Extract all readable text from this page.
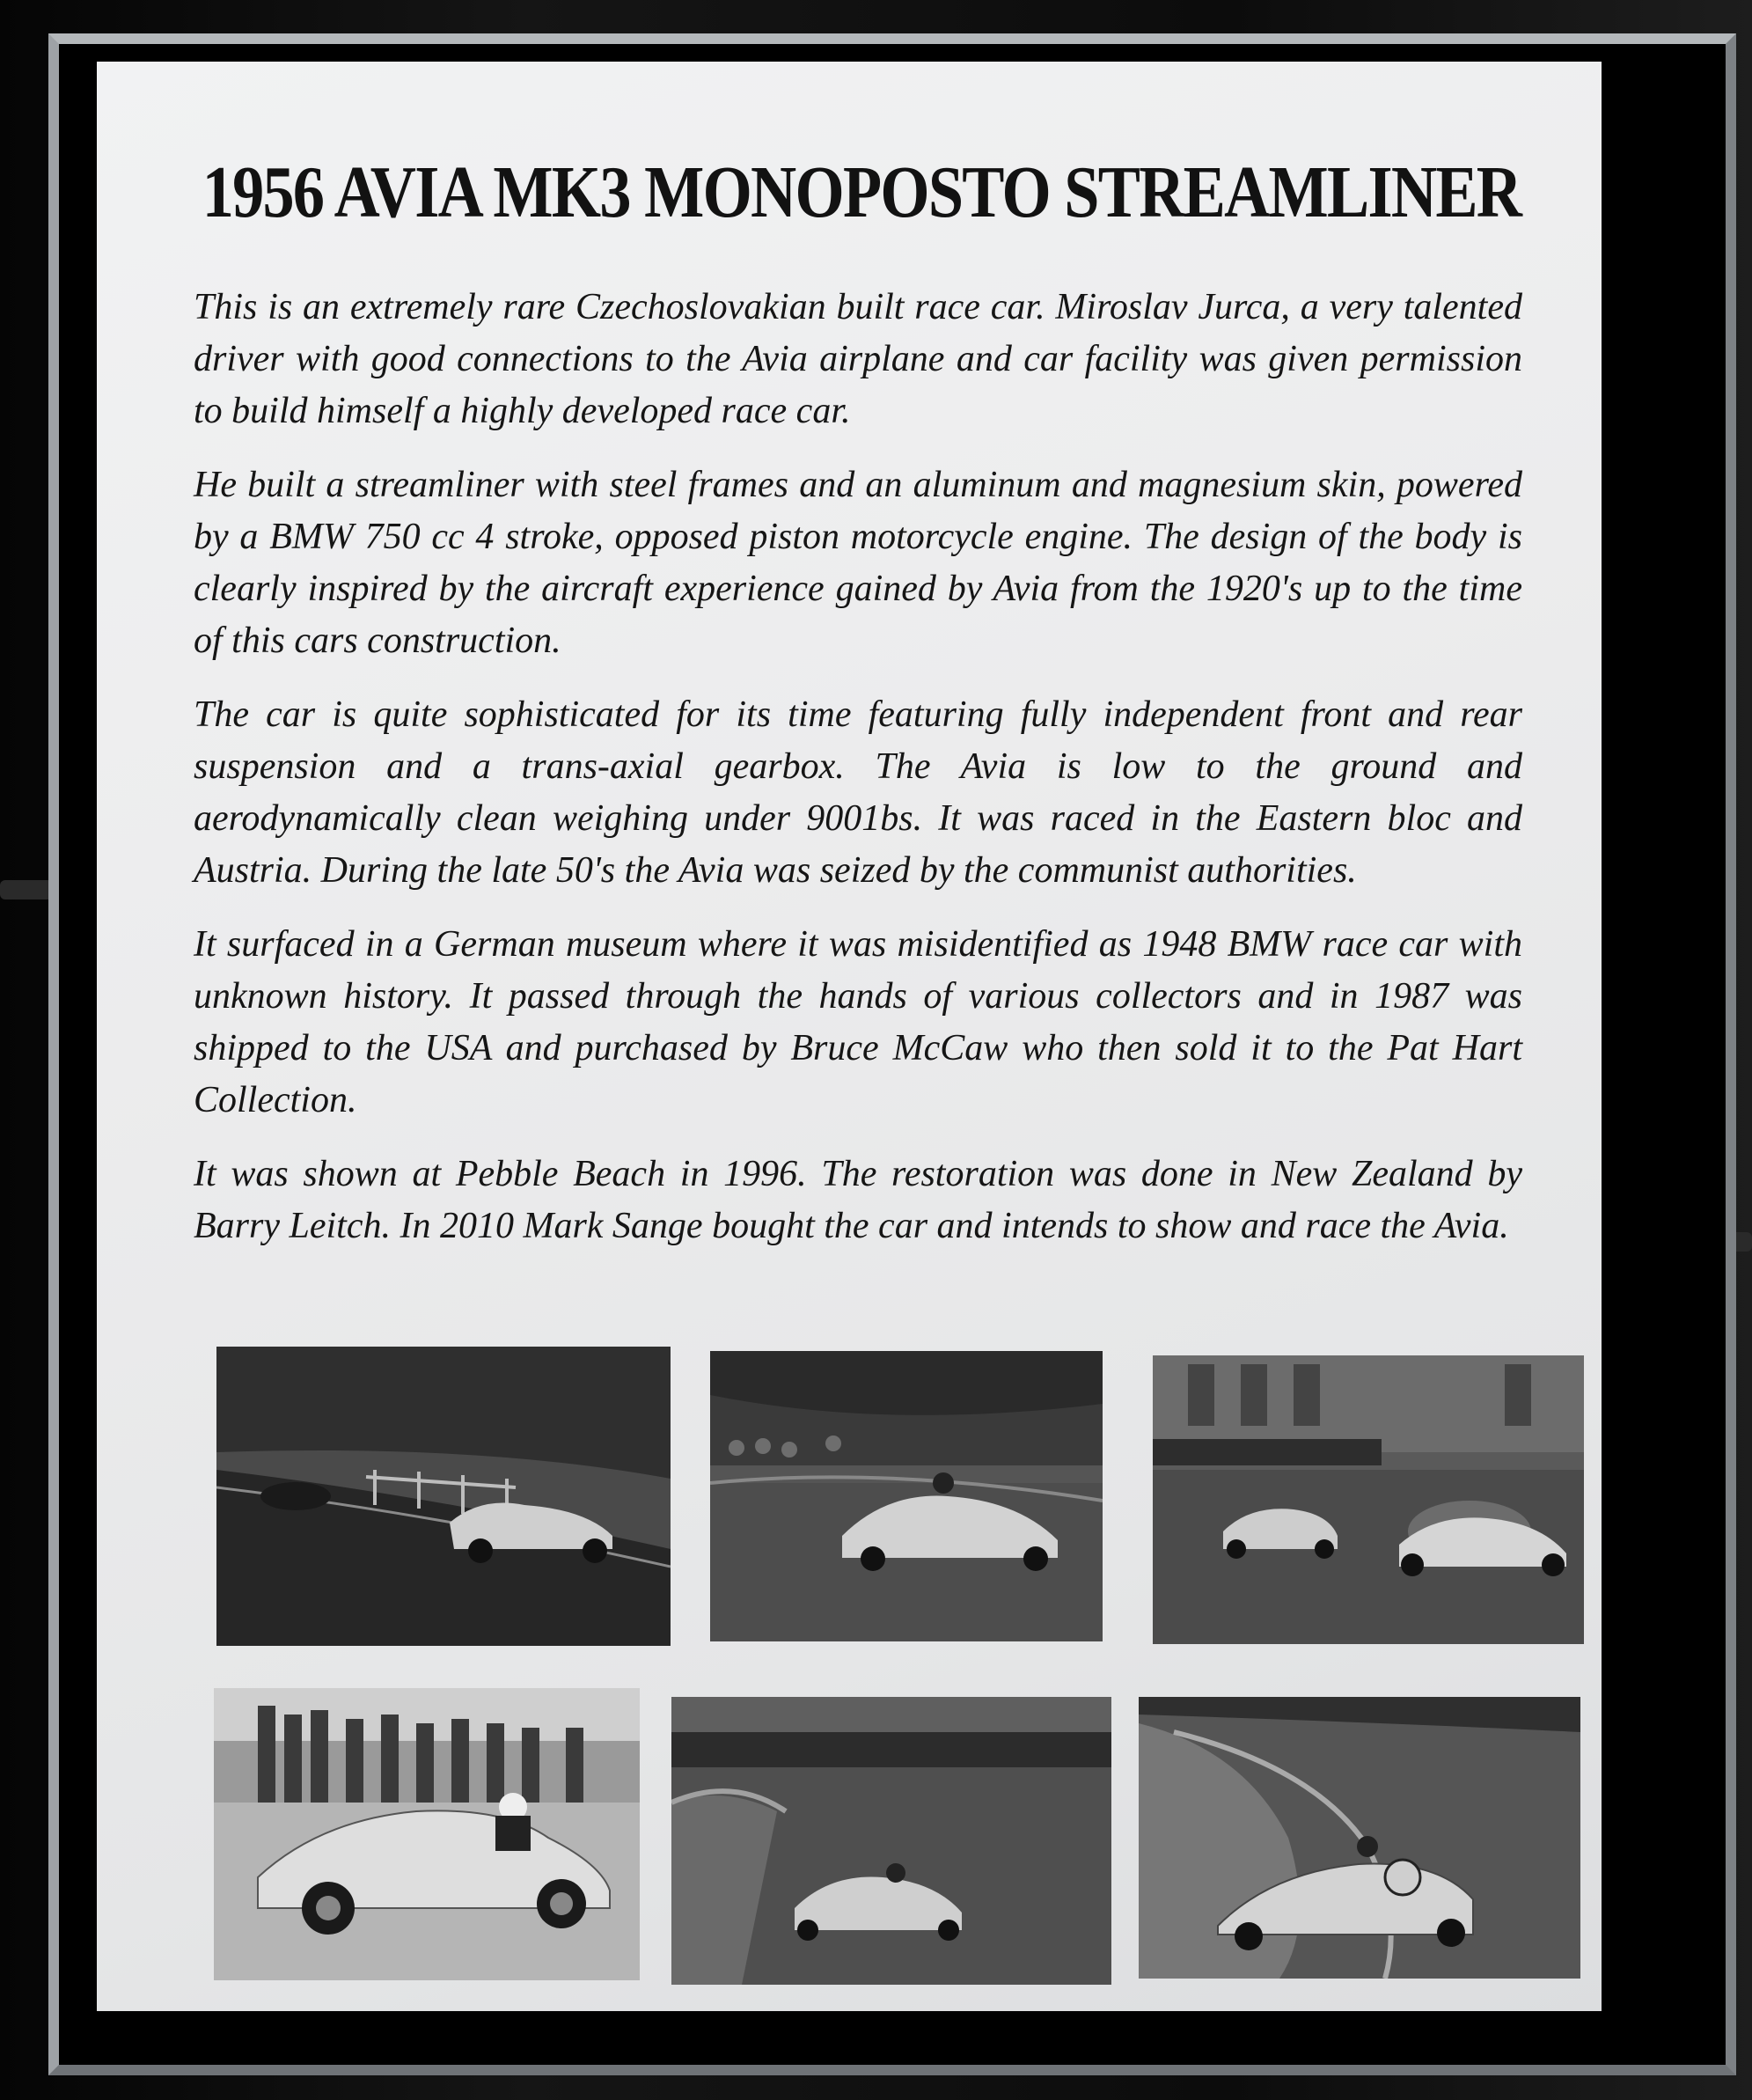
1956 AVIA MK3 MONOPOSTO STREAMLINER

This is an extremely rare Czechoslovakian built race car. Miroslav Jurca, a very talented driver with good connections to the Avia airplane and car facility was given permission to build himself a highly developed race car.

He built a streamliner with steel frames and an aluminum and magnesium skin, powered by a BMW 750 cc 4 stroke, opposed piston motorcycle engine. The design of the body is clearly inspired by the aircraft experience gained by Avia from the 1920's up to the time of this cars construction.

The car is quite sophisticated for its time featuring fully independent front and rear suspension and a trans-axial gearbox. The Avia is low to the ground and aerodynamically clean weighing under 9001bs. It was raced in the Eastern bloc and Austria. During the late 50's the Avia was seized by the communist authorities.

It surfaced in a German museum where it was misidentified as 1948 BMW race car with unknown history. It passed through the hands of various collectors and in 1987 was shipped to the USA and purchased by Bruce McCaw who then sold it to the Pat Hart Collection.

It was shown at Pebble Beach in 1996. The restoration was done in New Zealand by Barry Leitch. In 2010 Mark Sange bought the car and intends to show and race the Avia.
